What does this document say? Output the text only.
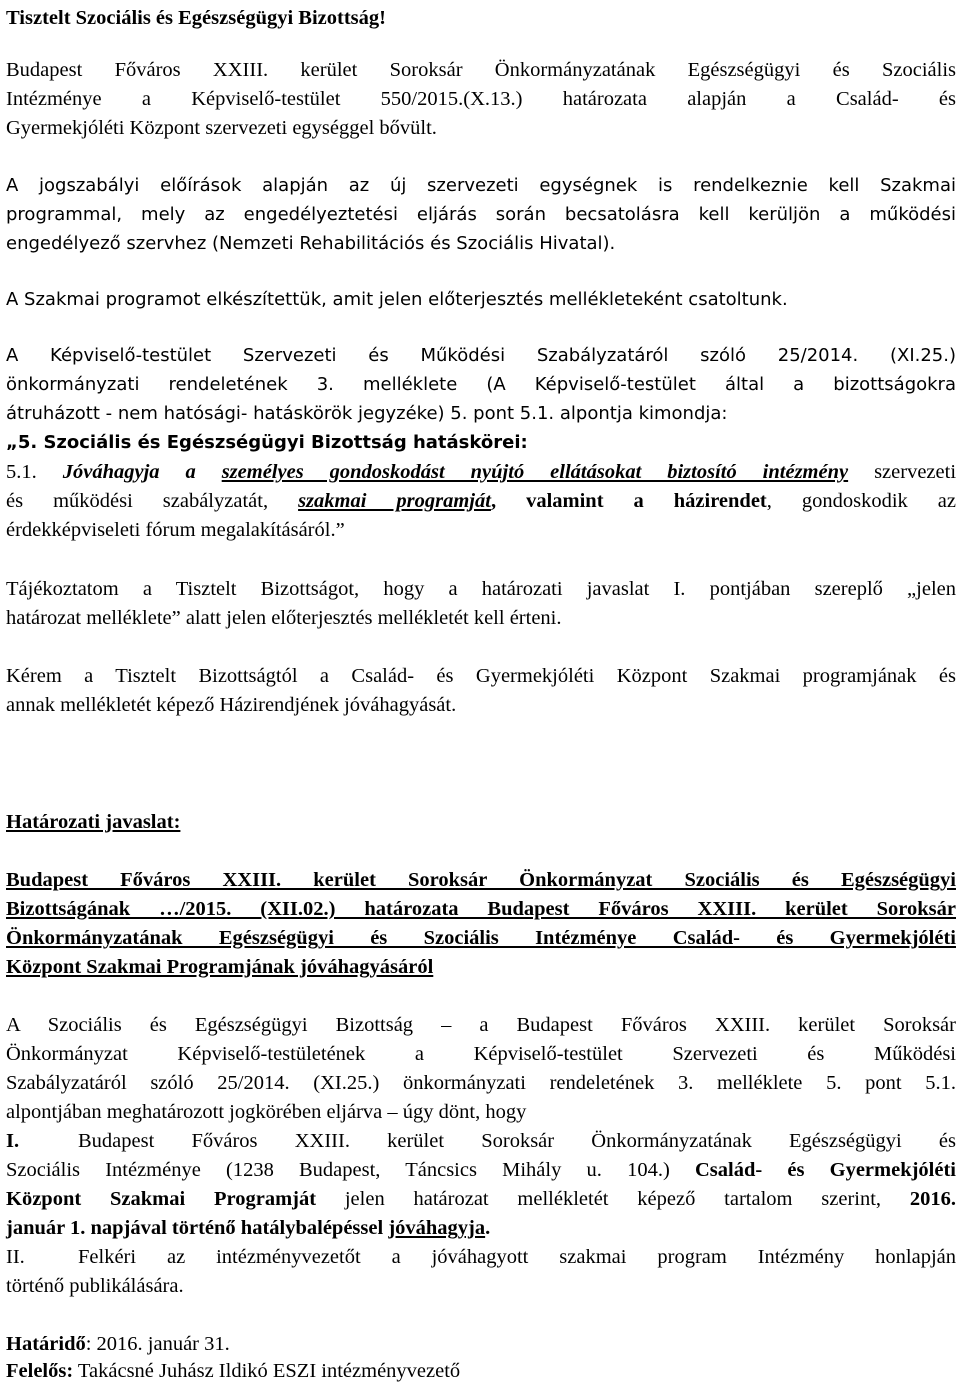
Tisztelt Szociális és Egészségügyi Bizottság!
Budapest Főváros XXIII. kerület Soroksár Önkormányzatának Egészségügyi és Szociális
Intézménye a Képviselő-testület 550/2015.(X.13.) határozata alapján a Család- és
Gyermekjóléti Központ szervezeti egységgel bővült.
A jogszabályi előírások alapján az új szervezeti egységnek is rendelkeznie kell Szakmai
programmal, mely az engedélyeztetési eljárás során becsatolásra kell kerüljön a működési
engedélyező szervhez (Nemzeti Rehabilitációs és Szociális Hivatal).
A Szakmai programot elkészítettük, amit jelen előterjesztés mellékleteként csatoltunk.
A Képviselő-testület Szervezeti és Működési Szabályzatáról szóló 25/2014. (XI.25.)
önkormányzati rendeletének 3. melléklete (A Képviselő-testület által a bizottságokra
átruházott - nem hatósági- hatáskörök jegyzéke) 5. pont 5.1. alpontja kimondja:
„5. Szociális és Egészségügyi Bizottság hatáskörei:
5.1. Jóváhagyja a személyes gondoskodást nyújtó ellátásokat biztosító intézmény szervezeti
és működési szabályzatát, szakmai programját, valamint a házirendet, gondoskodik az
érdekképviseleti fórum megalakításáról.”
Tájékoztatom a Tisztelt Bizottságot, hogy a határozati javaslat I. pontjában szereplő „jelen
határozat melléklete” alatt jelen előterjesztés mellékletét kell érteni.
Kérem a Tisztelt Bizottságtól a Család- és Gyermekjóléti Központ Szakmai programjának és
annak mellékletét képező Házirendjének jóváhagyását.
Határozati javaslat:
Budapest Főváros XXIII. kerület Soroksár Önkormányzat Szociális és Egészségügyi
Bizottságának …/2015. (XII.02.) határozata Budapest Főváros XXIII. kerület Soroksár
Önkormányzatának Egészségügyi és Szociális Intézménye Család- és Gyermekjóléti
Központ Szakmai Programjának jóváhagyásáról
A Szociális és Egészségügyi Bizottság – a Budapest Főváros XXIII. kerület Soroksár
Önkormányzat Képviselő-testületének a Képviselő-testület Szervezeti és Működési
Szabályzatáról szóló 25/2014. (XI.25.) önkormányzati rendeletének 3. melléklete 5. pont 5.1.
alpontjában meghatározott jogkörében eljárva – úgy dönt, hogy
I.	Budapest Főváros XXIII. kerület Soroksár Önkormányzatának Egészségügyi és
Szociális Intézménye (1238 Budapest, Táncsics Mihály u. 104.) Család- és Gyermekjóléti
Központ Szakmai Programját jelen határozat mellékletét képező tartalom szerint, 2016.
január 1. napjával történő hatálybalépéssel jóváhagyja.
II.	Felkéri az intézményvezetőt a jóváhagyott szakmai program Intézmény honlapján
történő publikálására.
Határidő: 2016. január 31.
Felelős: Takácsné Juhász Ildikó ESZI intézményvezető
